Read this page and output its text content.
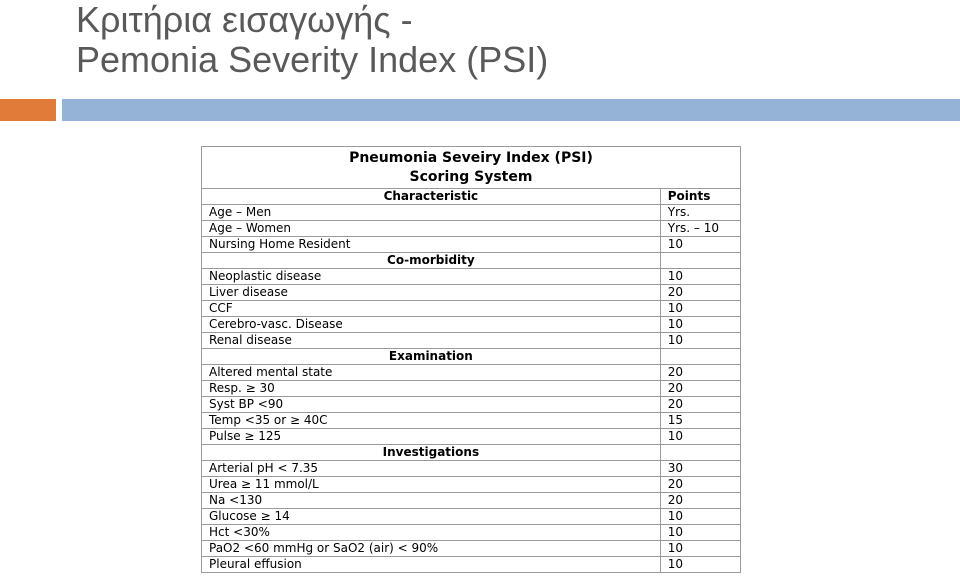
Κριτήρια εισαγωγής -
Pemonia Severity Index (PSI)
Pneumonia Seveiry Index (PSI)
Scoring System	
Characteristic	Points
Age – Men	Yrs.
Age – Women	Yrs. – 10
Nursing Home Resident	10
Co-morbidity	
Neoplastic disease	10
Liver disease	20
CCF	10
Cerebro-vasc. Disease	10
Renal disease	10
Examination	
Altered mental state	20
Resp. ≥ 30	20
Syst BP <90	20
Temp <35 or ≥ 40C	15
Pulse ≥ 125	10
Investigations	
Arterial pH < 7.35	30
Urea ≥ 11 mmol/L	20
Na <130	20
Glucose ≥ 14	10
Hct <30%	10
PaO2 <60 mmHg or SaO2 (air) < 90%	10
Pleural effusion	10
